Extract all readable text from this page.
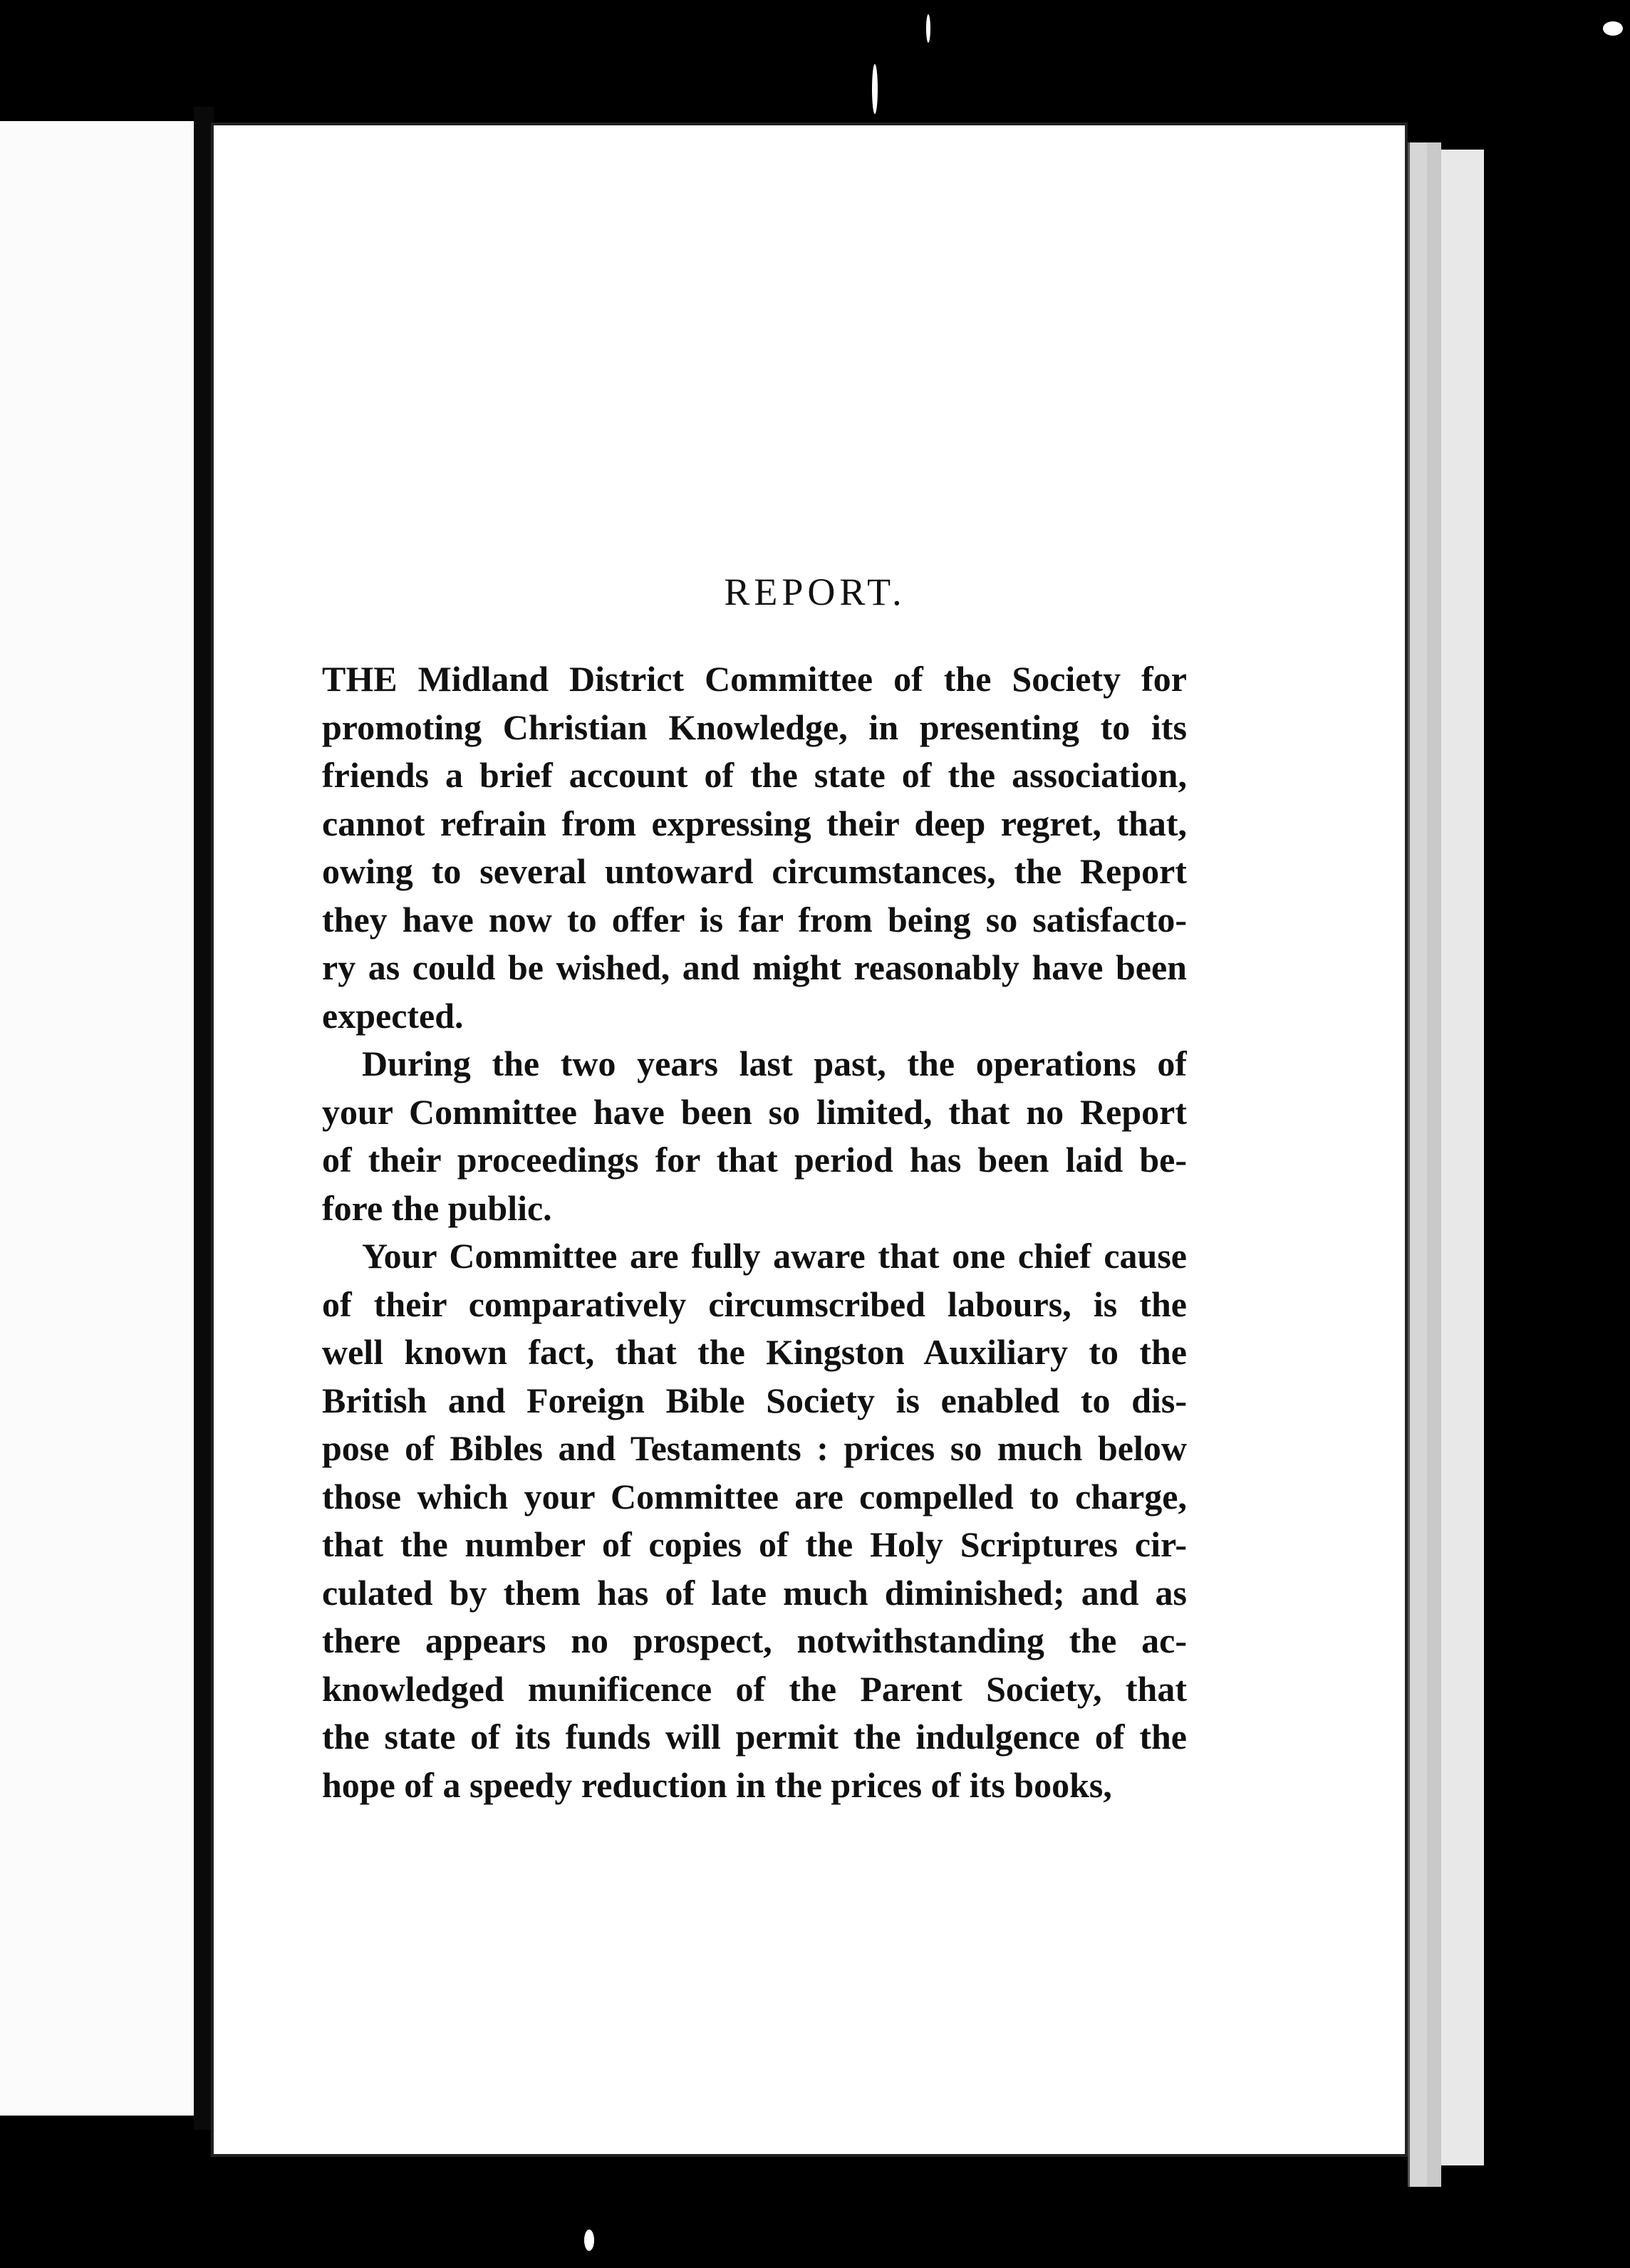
REPORT.
THE Midland District Committee of the Society for
promoting Christian Knowledge, in presenting to its
friends a brief account of the state of the association,
cannot refrain from expressing their deep regret, that,
owing to several untoward circumstances, the Report
they have now to offer is far from being so satisfacto-
ry as could be wished, and might reasonably have been
expected.
During the two years last past, the operations of
your Committee have been so limited, that no Report
of their proceedings for that period has been laid be-
fore the public.
Your Committee are fully aware that one chief cause
of their comparatively circumscribed labours, is the
well known fact, that the Kingston Auxiliary to the
British and Foreign Bible Society is enabled to dis-
pose of Bibles and Testaments : prices so much below
those which your Committee are compelled to charge,
that the number of copies of the Holy Scriptures cir-
culated by them has of late much diminished; and as
there appears no prospect, notwithstanding the ac-
knowledged munificence of the Parent Society, that
the state of its funds will permit the indulgence of the
hope of a speedy reduction in the prices of its books,
